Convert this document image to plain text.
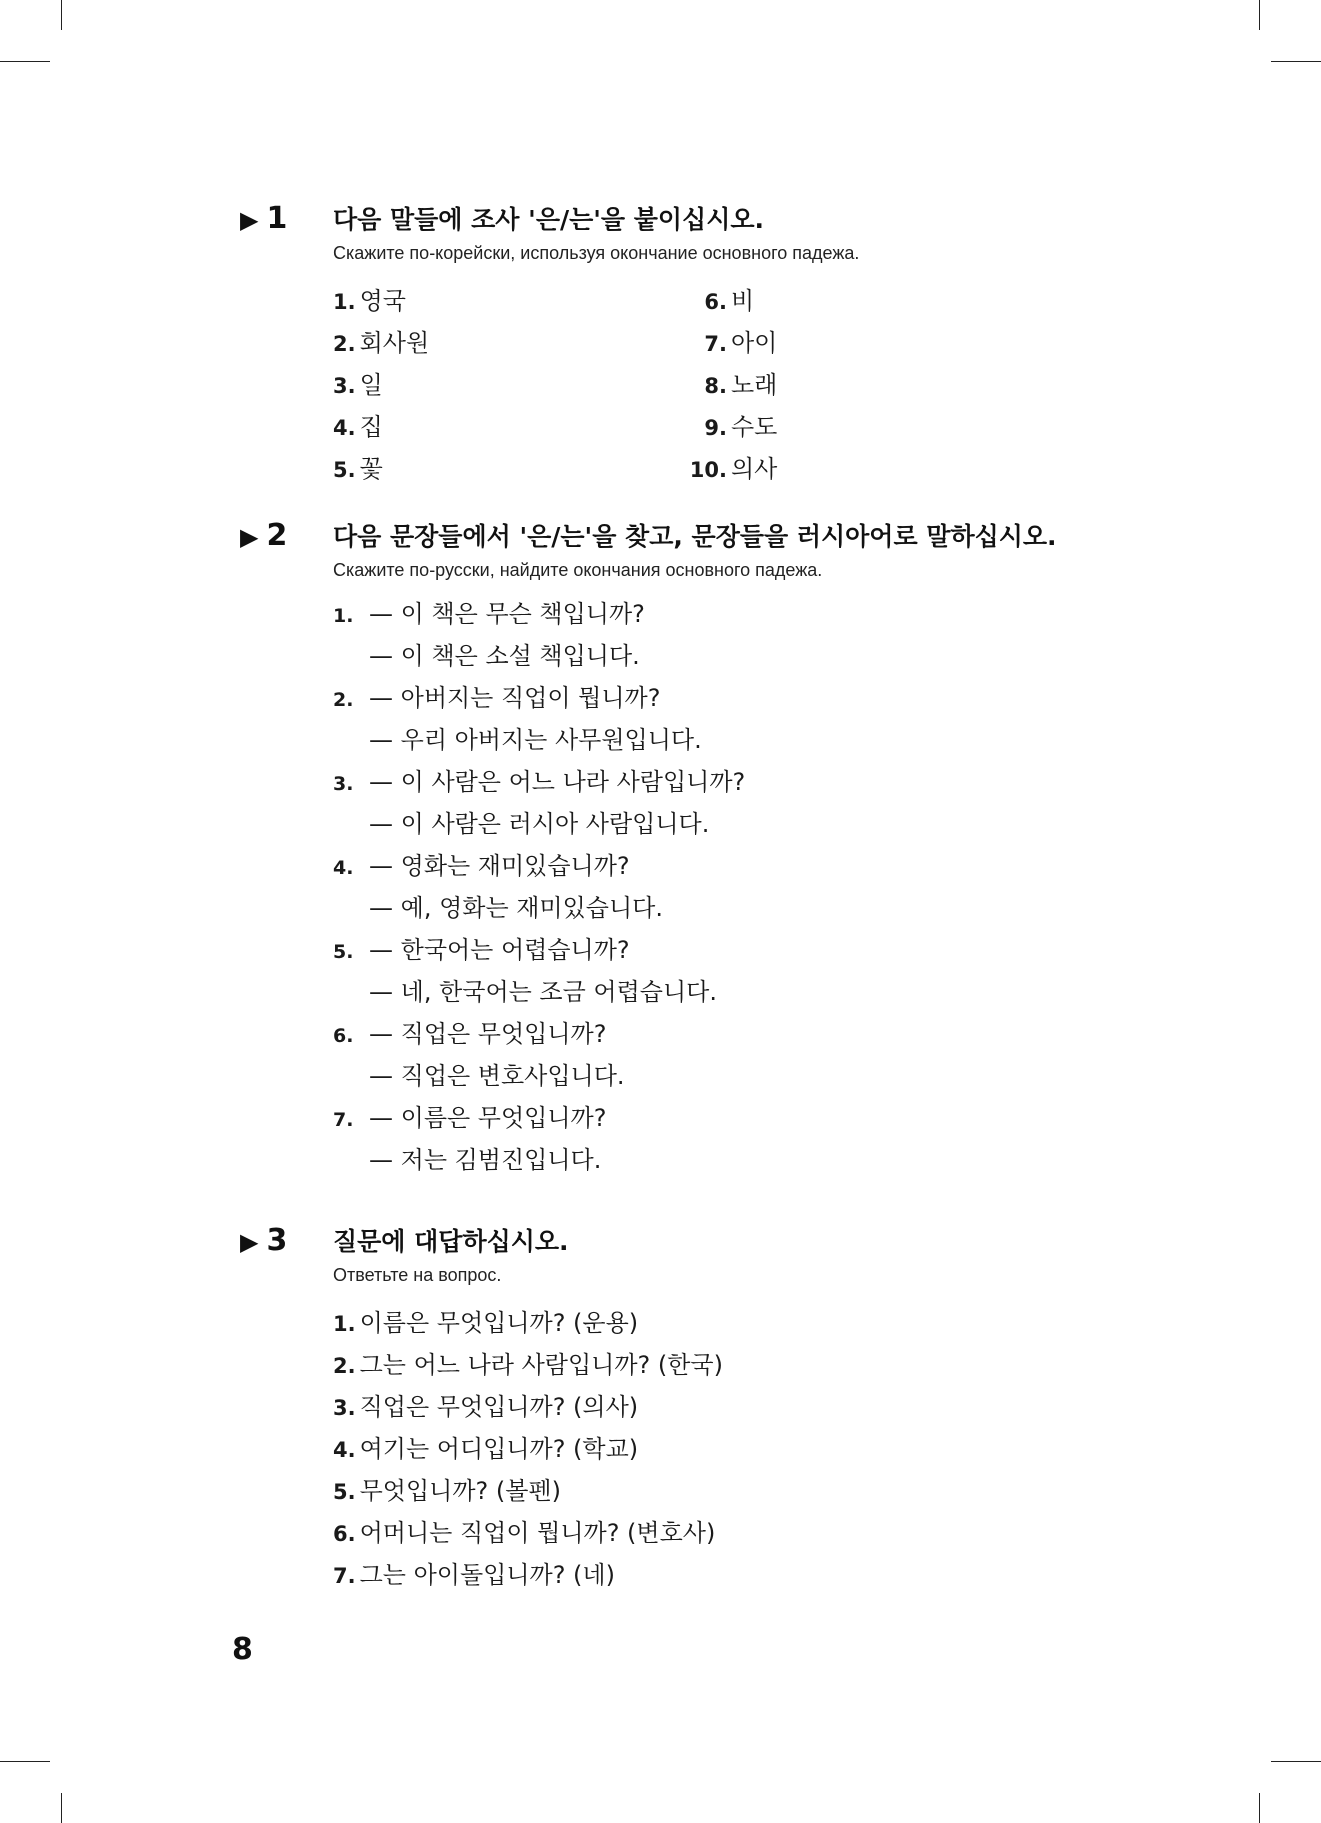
▶ 1 다음 말들에 조사 '은/는'을 붙이십시오.
Скажите по-корейски, используя окончание основного падежа.
1. 영국
2. 회사원
3. 일
4. 집
5. 꽃
6. 비
7. 아이
8. 노래
9. 수도
10. 의사
▶ 2 다음 문장들에서 '은/는'을 찾고, 문장들을 러시아어로 말하십시오.
Скажите по-русски, найдите окончания основного падежа.
1. — 이 책은 무슨 책입니까?
— 이 책은 소설 책입니다.
2. — 아버지는 직업이 뭡니까?
— 우리 아버지는 사무원입니다.
3. — 이 사람은 어느 나라 사람입니까?
— 이 사람은 러시아 사람입니다.
4. — 영화는 재미있습니까?
— 예, 영화는 재미있습니다.
5. — 한국어는 어렵습니까?
— 네, 한국어는 조금 어렵습니다.
6. — 직업은 무엇입니까?
— 직업은 변호사입니다.
7. — 이름은 무엇입니까?
— 저는 김범진입니다.
▶ 3 질문에 대답하십시오.
Ответьте на вопрос.
1. 이름은 무엇입니까? (운용)
2. 그는 어느 나라 사람입니까? (한국)
3. 직업은 무엇입니까? (의사)
4. 여기는 어디입니까? (학교)
5. 무엇입니까? (볼펜)
6. 어머니는 직업이 뭡니까? (변호사)
7. 그는 아이돌입니까? (네)
8
